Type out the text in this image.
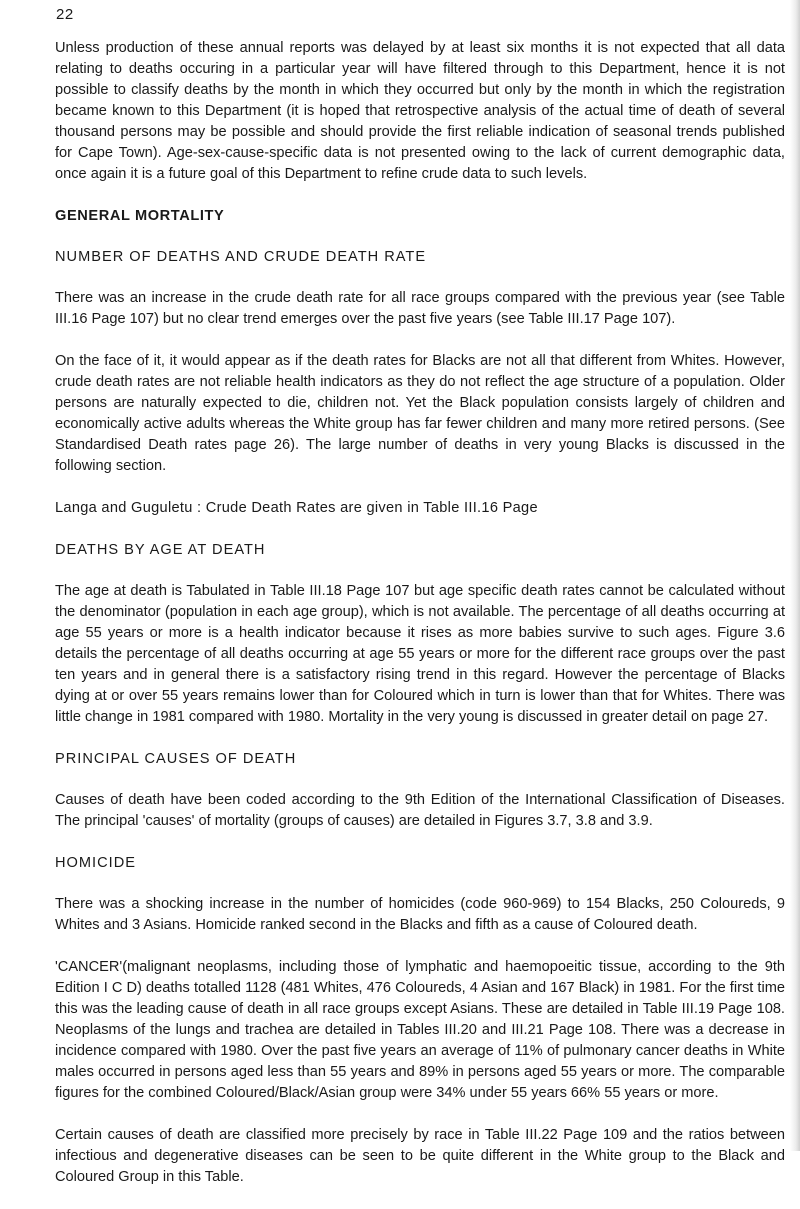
22

Unless production of these annual reports was delayed by at least six months it is not expected that all data relating to deaths occuring in a particular year will have filtered through to this Department, hence it is not possible to classify deaths by the month in which they occurred but only by the month in which the registration became known to this Department (it is hoped that retrospective analysis of the actual time of death of several thousand persons may be possible and should provide the first reliable indication of seasonal trends published for Cape Town). Age-sex-cause-specific data is not presented owing to the lack of current demographic data, once again it is a future goal of this Department to refine crude data to such levels.

GENERAL MORTALITY
NUMBER OF DEATHS AND CRUDE DEATH RATE

There was an increase in the crude death rate for all race groups compared with the previous year (see Table III.16 Page 107) but no clear trend emerges over the past five years (see Table III.17 Page 107).

On the face of it, it would appear as if the death rates for Blacks are not all that different from Whites. However, crude death rates are not reliable health indicators as they do not reflect the age structure of a population. Older persons are naturally expected to die, children not. Yet the Black population consists largely of children and economically active adults whereas the White group has far fewer children and many more retired persons. (See Standardised Death rates page 26). The large number of deaths in very young Blacks is discussed in the following section.

Langa and Guguletu : Crude Death Rates are given in Table III.16 Page

DEATHS BY AGE AT DEATH

The age at death is Tabulated in Table III.18 Page 107 but age specific death rates cannot be calculated without the denominator (population in each age group), which is not available. The percentage of all deaths occurring at age 55 years or more is a health indicator because it rises as more babies survive to such ages. Figure 3.6 details the percentage of all deaths occurring at age 55 years or more for the different race groups over the past ten years and in general there is a satisfactory rising trend in this regard. However the percentage of Blacks dying at or over 55 years remains lower than for Coloured which in turn is lower than that for Whites. There was little change in 1981 compared with 1980. Mortality in the very young is discussed in greater detail on page 27.

PRINCIPAL CAUSES OF DEATH

Causes of death have been coded according to the 9th Edition of the International Classification of Diseases. The principal 'causes' of mortality (groups of causes) are detailed in Figures 3.7, 3.8 and 3.9.

HOMICIDE

There was a shocking increase in the number of homicides (code 960-969) to 154 Blacks, 250 Coloureds, 9 Whites and 3 Asians. Homicide ranked second in the Blacks and fifth as a cause of Coloured death.

'CANCER'(malignant neoplasms, including those of lymphatic and haemopoeitic tissue, according to the 9th Edition I C D) deaths totalled 1128 (481 Whites, 476 Coloureds, 4 Asian and 167 Black) in 1981. For the first time this was the leading cause of death in all race groups except Asians. These are detailed in Table III.19 Page 108. Neoplasms of the lungs and trachea are detailed in Tables III.20 and III.21 Page 108. There was a decrease in incidence compared with 1980. Over the past five years an average of 11% of pulmonary cancer deaths in White males occurred in persons aged less than 55 years and 89% in persons aged 55 years or more. The comparable figures for the combined Coloured/Black/Asian group were 34% under 55 years 66% 55 years or more.

Certain causes of death are classified more precisely by race in Table III.22 Page 109 and the ratios between infectious and degenerative diseases can be seen to be quite different in the White group to the Black and Coloured Group in this Table.
